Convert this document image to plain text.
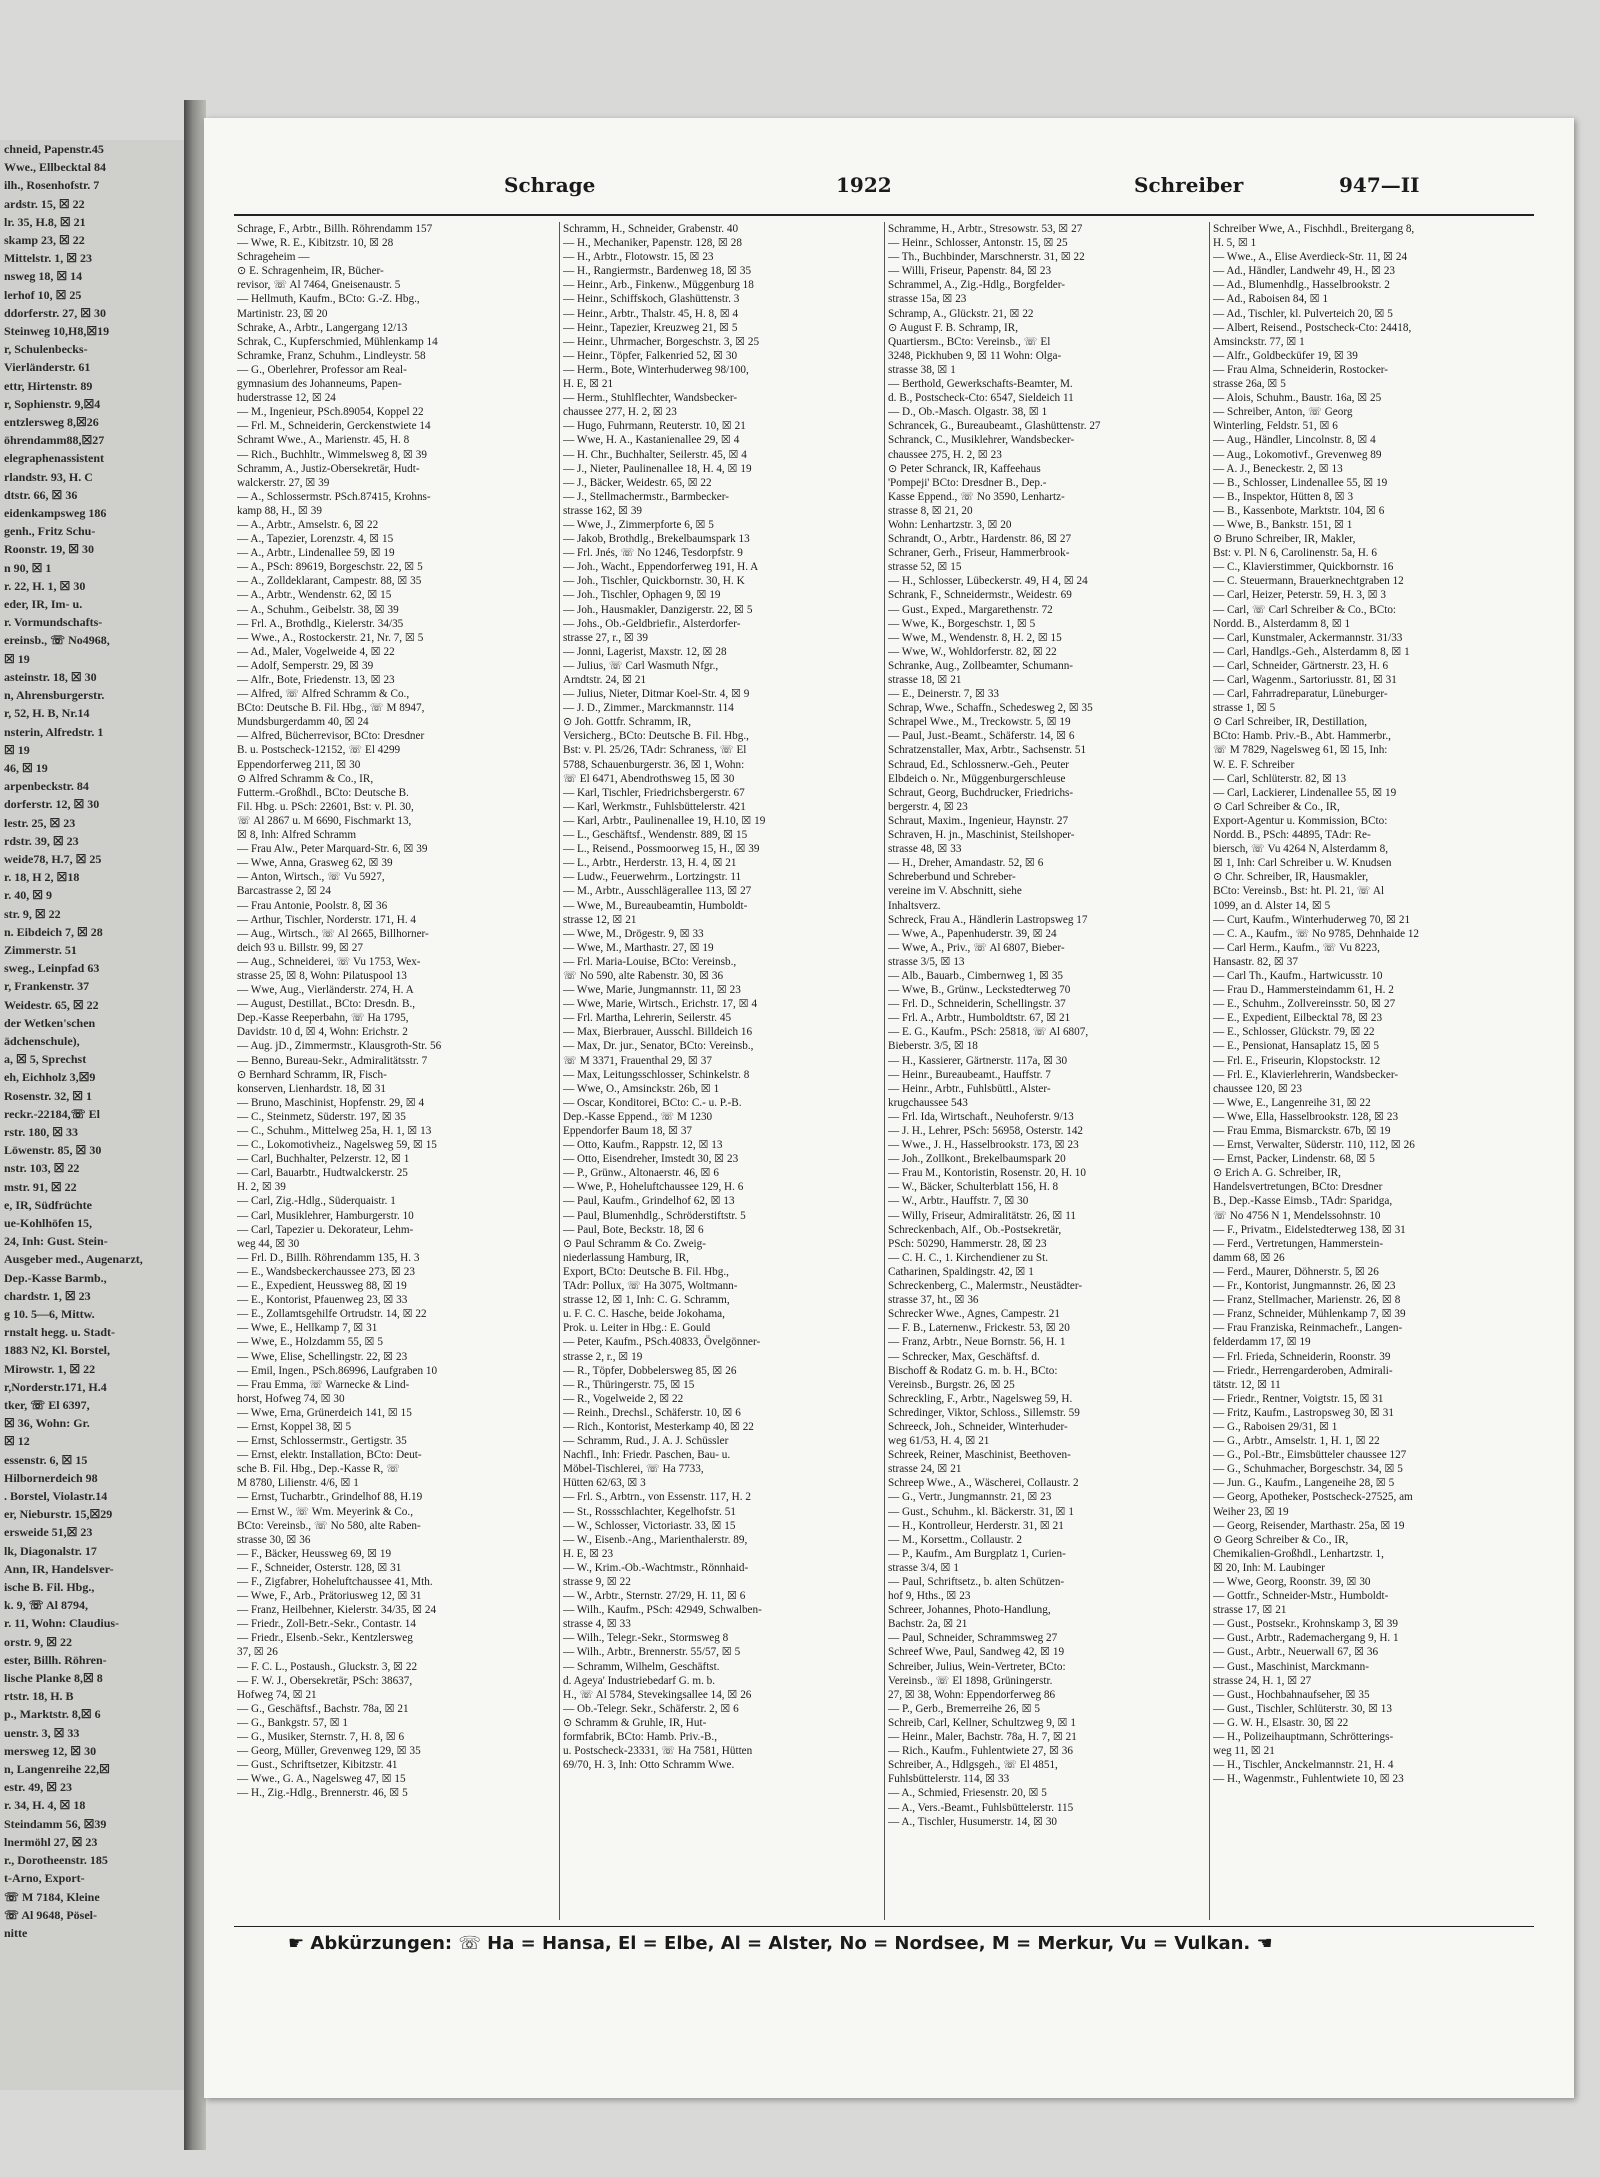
chneid, Papenstr.45
Wwe., Ellbecktal 84
ilh., Rosenhofstr. 7
ardstr. 15, ☒ 22
lr. 35, H.8, ☒ 21
skamp 23, ☒ 22
Mittelstr. 1, ☒ 23
nsweg 18, ☒ 14
lerhof 10, ☒ 25
ddorferstr. 27, ☒ 30
Steinweg 10,H8,☒19
r, Schulenbecks-
Vierländerstr. 61
ettr, Hirtenstr. 89
r, Sophienstr. 9,☒4
entzlersweg 8,☒26
öhrendamm88,☒27
elegraphenassistent
rlandstr. 93, H. C
dtstr. 66, ☒ 36
eidenkampsweg 186
genh., Fritz Schu-
Roonstr. 19, ☒ 30
n 90, ☒ 1
r. 22, H. 1, ☒ 30
eder, IR, Im- u.
r. Vormundschafts-
ereinsb., ☏ No4968,
☒ 19
asteinstr. 18, ☒ 30
n, Ahrensburgerstr.
r, 52, H. B, Nr.14
nsterin, Alfredstr. 1
☒ 19
46, ☒ 19
arpenbeckstr. 84
dorferstr. 12, ☒ 30
lestr. 25, ☒ 23
rdstr. 39, ☒ 23
weide78, H.7, ☒ 25
r. 18, H 2, ☒18
r. 40, ☒ 9
str. 9, ☒ 22
n. Eibdeich 7, ☒ 28
Zimmerstr. 51
sweg., Leinpfad 63
r, Frankenstr. 37
Weidestr. 65, ☒ 22
der Wetken'schen
ädchenschule),
a, ☒ 5, Sprechst
eh, Eichholz 3,☒9
Rosenstr. 32, ☒ 1
reckr.-22184,☏ El
rstr. 180, ☒ 33
Löwenstr. 85, ☒ 30
nstr. 103, ☒ 22
mstr. 91, ☒ 22
e, IR, Südfrüchte
ue-Kohlhöfen 15,
24, Inh: Gust. Stein-
Ausgeber med., Augenarzt,
Dep.-Kasse Barmb.,
chardstr. 1, ☒ 23
g 10. 5—6, Mittw.
rnstalt hegg. u. Stadt-
1883 N2, Kl. Borstel,
Mirowstr. 1, ☒ 22
r,Norderstr.171, H.4
tker, ☏ El 6397,
☒ 36, Wohn: Gr.
☒ 12
essenstr. 6, ☒ 15
Hilbornerdeich 98
. Borstel, Violastr.14
er, Nieburstr. 15,☒29
ersweide 51,☒ 23
lk, Diagonalstr. 17
Ann, IR, Handelsver-
ische B. Fil. Hbg.,
k. 9, ☏ Al 8794,
r. 11, Wohn: Claudius-
orstr. 9, ☒ 22
ester, Billh. Röhren-
lische Planke 8,☒ 8
rtstr. 18, H. B
p., Marktstr. 8,☒ 6
uenstr. 3, ☒ 33
mersweg 12, ☒ 30
n, Langenreihe 22,☒
estr. 49, ☒ 23
r. 34, H. 4, ☒ 18
Steindamm 56, ☒39
lnermöhl 27, ☒ 23
r., Dorotheenstr. 185
t-Arno, Export-
☏ M 7184, Kleine
☏ Al 9648, Pösel-
nitte
Schrage	1922	Schreiber	947—II
Schrage, F., Arbtr., Billh. Röhrendamm 157
— Wwe, R. E., Kibitzstr. 10, ☒ 28
Schrageheim —
⊙ E. Schragenheim, IR, Bücher-
revisor, ☏ Al 7464, Gneisenaustr. 5
— Hellmuth, Kaufm., BCto: G.-Z. Hbg.,
Martinistr. 23, ☒ 20
Schrake, A., Arbtr., Langergang 12/13
Schrak, C., Kupferschmied, Mühlenkamp 14
Schramke, Franz, Schuhm., Lindleystr. 58
— G., Oberlehrer, Professor am Real-
gymnasium des Johanneums, Papen-
huderstrasse 12, ☒ 24
— M., Ingenieur, PSch.89054, Koppel 22
— Frl. M., Schneiderin, Gerckenstwiete 14
Schramt Wwe., A., Marienstr. 45, H. 8
— Rich., Buchhltr., Wimmelsweg 8, ☒ 39
Schramm, A., Justiz-Obersekretär, Hudt-
walckerstr. 27, ☒ 39
— A., Schlossermstr. PSch.87415, Krohns-
kamp 88, H., ☒ 39
— A., Arbtr., Amselstr. 6, ☒ 22
— A., Tapezier, Lorenzstr. 4, ☒ 15
— A., Arbtr., Lindenallee 59, ☒ 19
— A., PSch: 89619, Borgeschstr. 22, ☒ 5
— A., Zolldeklarant, Campestr. 88, ☒ 35
— A., Arbtr., Wendenstr. 62, ☒ 15
— A., Schuhm., Geibelstr. 38, ☒ 39
— Frl. A., Brothdlg., Kielerstr. 34/35
— Wwe., A., Rostockerstr. 21, Nr. 7, ☒ 5
— Ad., Maler, Vogelweide 4, ☒ 22
— Adolf, Semperstr. 29, ☒ 39
— Alfr., Bote, Friedenstr. 13, ☒ 23
— Alfred, ☏ Alfred Schramm & Co.,
BCto: Deutsche B. Fil. Hbg., ☏ M 8947,
Mundsburgerdamm 40, ☒ 24
— Alfred, Bücherrevisor, BCto: Dresdner
B. u. Postscheck-12152, ☏ El 4299
Eppendorferweg 211, ☒ 30
⊙ Alfred Schramm & Co., IR,
Futterm.-Großhdl., BCto: Deutsche B.
Fil. Hbg. u. PSch: 22601, Bst: v. Pl. 30,
☏ Al 2867 u. M 6690, Fischmarkt 13,
☒ 8, Inh: Alfred Schramm
— Frau Alw., Peter Marquard-Str. 6, ☒ 39
— Wwe, Anna, Grasweg 62, ☒ 39
— Anton, Wirtsch., ☏ Vu 5927,
Barcastrasse 2, ☒ 24
— Frau Antonie, Poolstr. 8, ☒ 36
— Arthur, Tischler, Norderstr. 171, H. 4
— Aug., Wirtsch., ☏ Al 2665, Billhorner-
deich 93 u. Billstr. 99, ☒ 27
— Aug., Schneiderei, ☏ Vu 1753, Wex-
strasse 25, ☒ 8, Wohn: Pilatuspool 13
— Wwe, Aug., Vierländerstr. 274, H. A
— August, Destillat., BCto: Dresdn. B.,
Dep.-Kasse Reeperbahn, ☏ Ha 1795,
Davidstr. 10 d, ☒ 4, Wohn: Erichstr. 2
— Aug. jD., Zimmermstr., Klausgroth-Str. 56
— Benno, Bureau-Sekr., Admiralitätsstr. 7
⊙ Bernhard Schramm, IR, Fisch-
konserven, Lienhardstr. 18, ☒ 31
— Bruno, Maschinist, Hopfenstr. 29, ☒ 4
— C., Steinmetz, Süderstr. 197, ☒ 35
— C., Schuhm., Mittelweg 25a, H. 1, ☒ 13
— C., Lokomotivheiz., Nagelsweg 59, ☒ 15
— Carl, Buchhalter, Pelzerstr. 12, ☒ 1
— Carl, Bauarbtr., Hudtwalckerstr. 25
H. 2, ☒ 39
— Carl, Zig.-Hdlg., Süderquaistr. 1
— Carl, Musiklehrer, Hamburgerstr. 10
— Carl, Tapezier u. Dekorateur, Lehm-
weg 44, ☒ 30
— Frl. D., Billh. Röhrendamm 135, H. 3
— E., Wandsbeckerchaussee 273, ☒ 23
— E., Expedient, Heussweg 88, ☒ 19
— E., Kontorist, Pfauenweg 23, ☒ 33
— E., Zollamtsgehilfe Ortrudstr. 14, ☒ 22
— Wwe, E., Hellkamp 7, ☒ 31
— Wwe, E., Holzdamm 55, ☒ 5
— Wwe, Elise, Schellingstr. 22, ☒ 23
— Emil, Ingen., PSch.86996, Laufgraben 10
— Frau Emma, ☏ Warnecke & Lind-
horst, Hofweg 74, ☒ 30
— Wwe, Erna, Grünerdeich 141, ☒ 15
— Ernst, Koppel 38, ☒ 5
— Ernst, Schlossermstr., Gertigstr. 35
— Ernst, elektr. Installation, BCto: Deut-
sche B. Fil. Hbg., Dep.-Kasse R, ☏
M 8780, Lilienstr. 4/6, ☒ 1
— Ernst, Tucharbtr., Grindelhof 88, H.19
— Ernst W., ☏ Wm. Meyerink & Co.,
BCto: Vereinsb., ☏ No 580, alte Raben-
strasse 30, ☒ 36
— F., Bäcker, Heussweg 69, ☒ 19
— F., Schneider, Osterstr. 128, ☒ 31
— F., Zigfabrer, Hoheluftchaussee 41, Mth.
— Wwe, F., Arb., Prätoriusweg 12, ☒ 31
— Franz, Heilbehner, Kielerstr. 34/35, ☒ 24
— Friedr., Zoll-Betr.-Sekr., Contastr. 14
— Friedr., Elsenb.-Sekr., Kentzlersweg
37, ☒ 26
— F. C. L., Postaush., Gluckstr. 3, ☒ 22
— F. W. J., Obersekretär, PSch: 38637,
Hofweg 74, ☒ 21
— G., Geschäftsf., Bachstr. 78a, ☒ 21
— G., Bankgstr. 57, ☒ 1
— G., Musiker, Sternstr. 7, H. 8, ☒ 6
— Georg, Müller, Grevenweg 129, ☒ 35
— Gust., Schriftsetzer, Kibitzstr. 41
— Wwe., G. A., Nagelsweg 47, ☒ 15
— H., Zig.-Hdlg., Brennerstr. 46, ☒ 5
Schramm, H., Schneider, Grabenstr. 40
— H., Mechaniker, Papenstr. 128, ☒ 28
— H., Arbtr., Flotowstr. 15, ☒ 23
— H., Rangiermstr., Bardenweg 18, ☒ 35
— Heinr., Arb., Finkenw., Müggenburg 18
— Heinr., Schiffskoch, Glashüttenstr. 3
— Heinr., Arbtr., Thalstr. 45, H. 8, ☒ 4
— Heinr., Tapezier, Kreuzweg 21, ☒ 5
— Heinr., Uhrmacher, Borgeschstr. 3, ☒ 25
— Heinr., Töpfer, Falkenried 52, ☒ 30
— Herm., Bote, Winterhuderweg 98/100,
H. E, ☒ 21
— Herm., Stuhlflechter, Wandsbecker-
chaussee 277, H. 2, ☒ 23
— Hugo, Fuhrmann, Reuterstr. 10, ☒ 21
— Wwe, H. A., Kastanienallee 29, ☒ 4
— H. Chr., Buchhalter, Seilerstr. 45, ☒ 4
— J., Nieter, Paulinenallee 18, H. 4, ☒ 19
— J., Bäcker, Weidestr. 65, ☒ 22
— J., Stellmachermstr., Barmbecker-
strasse 162, ☒ 39
— Wwe, J., Zimmerpforte 6, ☒ 5
— Jakob, Brothdlg., Brekelbaumspark 13
— Frl. Jnés, ☏ No 1246, Tesdorpfstr. 9
— Joh., Wacht., Eppendorferweg 191, H. A
— Joh., Tischler, Quickbornstr. 30, H. K
— Joh., Tischler, Ophagen 9, ☒ 19
— Joh., Hausmakler, Danzigerstr. 22, ☒ 5
— Johs., Ob.-Geldbriefir., Alsterdorfer-
strasse 27, r., ☒ 39
— Jonni, Lagerist, Maxstr. 12, ☒ 28
— Julius, ☏ Carl Wasmuth Nfgr.,
Arndtstr. 24, ☒ 21
— Julius, Nieter, Ditmar Koel-Str. 4, ☒ 9
— J. D., Zimmer., Marckmannstr. 114
⊙ Joh. Gottfr. Schramm, IR,
Versicherg., BCto: Deutsche B. Fil. Hbg.,
Bst: v. Pl. 25/26, TAdr: Schraness, ☏ El
5788, Schauenburgerstr. 36, ☒ 1, Wohn:
☏ El 6471, Abendrothsweg 15, ☒ 30
— Karl, Tischler, Friedrichsbergerstr. 67
— Karl, Werkmstr., Fuhlsbüttelerstr. 421
— Karl, Arbtr., Paulinenallee 19, H.10, ☒ 19
— L., Geschäftsf., Wendenstr. 889, ☒ 15
— L., Reisend., Possmoorweg 15, H., ☒ 39
— L., Arbtr., Herderstr. 13, H. 4, ☒ 21
— Ludw., Feuerwehrm., Lortzingstr. 11
— M., Arbtr., Ausschlägerallee 113, ☒ 27
— Wwe, M., Bureaubeamtin, Humboldt-
strasse 12, ☒ 21
— Wwe, M., Drögestr. 9, ☒ 33
— Wwe, M., Marthastr. 27, ☒ 19
— Frl. Maria-Louise, BCto: Vereinsb.,
☏ No 590, alte Rabenstr. 30, ☒ 36
— Wwe, Marie, Jungmannstr. 11, ☒ 23
— Wwe, Marie, Wirtsch., Erichstr. 17, ☒ 4
— Frl. Martha, Lehrerin, Seilerstr. 45
— Max, Bierbrauer, Ausschl. Billdeich 16
— Max, Dr. jur., Senator, BCto: Vereinsb.,
☏ M 3371, Frauenthal 29, ☒ 37
— Max, Leitungsschlosser, Schinkelstr. 8
— Wwe, O., Amsinckstr. 26b, ☒ 1
— Oscar, Konditorei, BCto: C.- u. P.-B.
Dep.-Kasse Eppend., ☏ M 1230
Eppendorfer Baum 18, ☒ 37
— Otto, Kaufm., Rappstr. 12, ☒ 13
— Otto, Eisendreher, Imstedt 30, ☒ 23
— P., Grünw., Altonaerstr. 46, ☒ 6
— Wwe, P., Hoheluftchaussee 129, H. 6
— Paul, Kaufm., Grindelhof 62, ☒ 13
— Paul, Blumenhdlg., Schröderstiftstr. 5
— Paul, Bote, Beckstr. 18, ☒ 6
⊙ Paul Schramm & Co. Zweig-
niederlassung Hamburg, IR,
Export, BCto: Deutsche B. Fil. Hbg.,
TAdr: Pollux, ☏ Ha 3075, Woltmann-
strasse 12, ☒ 1, Inh: C. G. Schramm,
u. F. C. C. Hasche, beide Jokohama,
Prok. u. Leiter in Hbg.: E. Gould
— Peter, Kaufm., PSch.40833, Övelgönner-
strasse 2, r., ☒ 19
— R., Töpfer, Dobbelersweg 85, ☒ 26
— R., Thüringerstr. 75, ☒ 15
— R., Vogelweide 2, ☒ 22
— Reinh., Drechsl., Schäferstr. 10, ☒ 6
— Rich., Kontorist, Mesterkamp 40, ☒ 22
— Schramm, Rud., J. A. J. Schüssler
Nachfl., Inh: Friedr. Paschen, Bau- u.
Möbel-Tischlerei, ☏ Ha 7733,
Hütten 62/63, ☒ 3
— Frl. S., Arbtrn., von Essenstr. 117, H. 2
— St., Rossschlachter, Kegelhofstr. 51
— W., Schlosser, Victoriastr. 33, ☒ 15
— W., Eisenb.-Ang., Marienthalerstr. 89,
H. E, ☒ 23
— W., Krim.-Ob.-Wachtmstr., Rönnhaid-
strasse 9, ☒ 22
— W., Arbtr., Sternstr. 27/29, H. 11, ☒ 6
— Wilh., Kaufm., PSch: 42949, Schwalben-
strasse 4, ☒ 33
— Wilh., Telegr.-Sekr., Stormsweg 8
— Wilh., Arbtr., Brennerstr. 55/57, ☒ 5
— Schramm, Wilhelm, Geschäftst.
d. Ageya' Industriebedarf G. m. b.
H., ☏ Al 5784, Stevekingsallee 14, ☒ 26
— Ob.-Telegr. Sekr., Schäferstr. 2, ☒ 6
⊙ Schramm & Gruhle, IR, Hut-
formfabrik, BCto: Hamb. Priv.-B.,
u. Postscheck-23331, ☏ Ha 7581, Hütten
69/70, H. 3, Inh: Otto Schramm Wwe.
Schramme, H., Arbtr., Stresowstr. 53, ☒ 27
— Heinr., Schlosser, Antonstr. 15, ☒ 25
— Th., Buchbinder, Marschnerstr. 31, ☒ 22
— Willi, Friseur, Papenstr. 84, ☒ 23
Schrammel, A., Zig.-Hdlg., Borgfelder-
strasse 15a, ☒ 23
Schramp, A., Glückstr. 21, ☒ 22
⊙ August F. B. Schramp, IR,
Quartiersm., BCto: Vereinsb., ☏ El
3248, Pickhuben 9, ☒ 11 Wohn: Olga-
strasse 38, ☒ 1
— Berthold, Gewerkschafts-Beamter, M.
d. B., Postscheck-Cto: 6547, Sieldeich 11
— D., Ob.-Masch. Olgastr. 38, ☒ 1
Schrancek, G., Bureaubeamt., Glashüttenstr. 27
Schranck, C., Musiklehrer, Wandsbecker-
chaussee 275, H. 2, ☒ 23
⊙ Peter Schranck, IR, Kaffeehaus
'Pompeji' BCto: Dresdner B., Dep.-
Kasse Eppend., ☏ No 3590, Lenhartz-
strasse 8, ☒ 21, 20
Wohn: Lenhartzstr. 3, ☒ 20
Schrandt, O., Arbtr., Hardenstr. 86, ☒ 27
Schraner, Gerh., Friseur, Hammerbrook-
strasse 52, ☒ 15
— H., Schlosser, Lübeckerstr. 49, H 4, ☒ 24
Schrank, F., Schneidermstr., Weidestr. 69
— Gust., Exped., Margarethenstr. 72
— Wwe, K., Borgeschstr. 1, ☒ 5
— Wwe, M., Wendenstr. 8, H. 2, ☒ 15
— Wwe, W., Wohldorferstr. 82, ☒ 22
Schranke, Aug., Zollbeamter, Schumann-
strasse 18, ☒ 21
— E., Deinerstr. 7, ☒ 33
Schrap, Wwe., Schaffn., Schedesweg 2, ☒ 35
Schrapel Wwe., M., Treckowstr. 5, ☒ 19
— Paul, Just.-Beamt., Schäferstr. 14, ☒ 6
Schratzenstaller, Max, Arbtr., Sachsenstr. 51
Schraud, Ed., Schlossnerw.-Geh., Peuter
Elbdeich o. Nr., Müggenburgerschleuse
Schraut, Georg, Buchdrucker, Friedrichs-
bergerstr. 4, ☒ 23
Schraut, Maxim., Ingenieur, Haynstr. 27
Schraven, H. jn., Maschinist, Steilshoper-
strasse 48, ☒ 33
— H., Dreher, Amandastr. 52, ☒ 6
Schreberbund und Schreber-
vereine im V. Abschnitt, siehe
Inhaltsverz.
Schreck, Frau A., Händlerin Lastropsweg 17
— Wwe, A., Papenhuderstr. 39, ☒ 24
— Wwe, A., Priv., ☏ Al 6807, Bieber-
strasse 3/5, ☒ 13
— Alb., Bauarb., Cimbernweg 1, ☒ 35
— Wwe, B., Grünw., Leckstedterweg 70
— Frl. D., Schneiderin, Schellingstr. 37
— Frl. A., Arbtr., Humboldtstr. 67, ☒ 21
— E. G., Kaufm., PSch: 25818, ☏ Al 6807,
Bieberstr. 3/5, ☒ 18
— H., Kassierer, Gärtnerstr. 117a, ☒ 30
— Heinr., Bureaubeamt., Hauffstr. 7
— Heinr., Arbtr., Fuhlsbüttl., Alster-
krugchaussee 543
— Frl. Ida, Wirtschaft., Neuhoferstr. 9/13
— J. H., Lehrer, PSch: 56958, Osterstr. 142
— Wwe., J. H., Hasselbrookstr. 173, ☒ 23
— Joh., Zollkont., Brekelbaumspark 20
— Frau M., Kontoristin, Rosenstr. 20, H. 10
— W., Bäcker, Schulterblatt 156, H. 8
— W., Arbtr., Hauffstr. 7, ☒ 30
— Willy, Friseur, Admiralitätstr. 26, ☒ 11
Schreckenbach, Alf., Ob.-Postsekretär,
PSch: 50290, Hammerstr. 28, ☒ 23
— C. H. C., 1. Kirchendiener zu St.
Catharinen, Spaldingstr. 42, ☒ 1
Schreckenberg, C., Malermstr., Neustädter-
strasse 37, ht., ☒ 36
Schrecker Wwe., Agnes, Campestr. 21
— F. B., Laternenw., Frickestr. 53, ☒ 20
— Franz, Arbtr., Neue Bornstr. 56, H. 1
— Schrecker, Max, Geschäftsf. d.
Bischoff & Rodatz G. m. b. H., BCto:
Vereinsb., Burgstr. 26, ☒ 25
Schreckling, F., Arbtr., Nagelsweg 59, H.
Schredinger, Viktor, Schloss., Sillemstr. 59
Schreeck, Joh., Schneider, Winterhuder-
weg 61/53, H. 4, ☒ 21
Schreek, Reiner, Maschinist, Beethoven-
strasse 24, ☒ 21
Schreep Wwe., A., Wäscherei, Collaustr. 2
— G., Vertr., Jungmannstr. 21, ☒ 23
— Gust., Schuhm., kl. Bäckerstr. 31, ☒ 1
— H., Kontrolleur, Herderstr. 31, ☒ 21
— M., Korsettm., Collaustr. 2
— P., Kaufm., Am Burgplatz 1, Curien-
strasse 3/4, ☒ 1
— Paul, Schriftsetz., b. alten Schützen-
hof 9, Hths., ☒ 23
Schreer, Johannes, Photo-Handlung,
Bachstr. 2a, ☒ 21
— Paul, Schneider, Schrammsweg 27
Schreef Wwe, Paul, Sandweg 42, ☒ 19
Schreiber, Julius, Wein-Vertreter, BCto:
Vereinsb., ☏ El 1898, Grüningerstr.
27, ☒ 38, Wohn: Eppendorferweg 86
— P., Gerb., Bremerreihe 26, ☒ 5
Schreib, Carl, Kellner, Schultzweg 9, ☒ 1
— Heinr., Maler, Bachstr. 78a, H. 7, ☒ 21
— Rich., Kaufm., Fuhlentwiete 27, ☒ 36
Schreiber, A., Hdlgsgeh., ☏ El 4851,
Fuhlsbüttelerstr. 114, ☒ 33
— A., Schmied, Friesenstr. 20, ☒ 5
— A., Vers.-Beamt., Fuhlsbüttelerstr. 115
— A., Tischler, Husumerstr. 14, ☒ 30
Schreiber Wwe, A., Fischhdl., Breitergang 8,
H. 5, ☒ 1
— Wwe., A., Elise Averdieck-Str. 11, ☒ 24
— Ad., Händler, Landwehr 49, H., ☒ 23
— Ad., Blumenhdlg., Hasselbrookstr. 2
— Ad., Raboisen 84, ☒ 1
— Ad., Tischler, kl. Pulverteich 20, ☒ 5
— Albert, Reisend., Postscheck-Cto: 24418,
Amsinckstr. 77, ☒ 1
— Alfr., Goldbecküfer 19, ☒ 39
— Frau Alma, Schneiderin, Rostocker-
strasse 26a, ☒ 5
— Alois, Schuhm., Baustr. 16a, ☒ 25
— Schreiber, Anton, ☏ Georg
Winterling, Feldstr. 51, ☒ 6
— Aug., Händler, Lincolnstr. 8, ☒ 4
— Aug., Lokomotivf., Grevenweg 89
— A. J., Beneckestr. 2, ☒ 13
— B., Schlosser, Lindenallee 55, ☒ 19
— B., Inspektor, Hütten 8, ☒ 3
— B., Kassenbote, Marktstr. 104, ☒ 6
— Wwe, B., Bankstr. 151, ☒ 1
⊙ Bruno Schreiber, IR, Makler,
Bst: v. Pl. N 6, Carolinenstr. 5a, H. 6
— C., Klavierstimmer, Quickbornstr. 16
— C. Steuermann, Brauerknechtgraben 12
— Carl, Heizer, Peterstr. 59, H. 3, ☒ 3
— Carl, ☏ Carl Schreiber & Co., BCto:
Nordd. B., Alsterdamm 8, ☒ 1
— Carl, Kunstmaler, Ackermannstr. 31/33
— Carl, Handlgs.-Geh., Alsterdamm 8, ☒ 1
— Carl, Schneider, Gärtnerstr. 23, H. 6
— Carl, Wagenm., Sartoriusstr. 81, ☒ 31
— Carl, Fahrradreparatur, Lüneburger-
strasse 1, ☒ 5
⊙ Carl Schreiber, IR, Destillation,
BCto: Hamb. Priv.-B., Abt. Hammerbr.,
☏ M 7829, Nagelsweg 61, ☒ 15, Inh:
W. E. F. Schreiber
— Carl, Schlüterstr. 82, ☒ 13
— Carl, Lackierer, Lindenallee 55, ☒ 19
⊙ Carl Schreiber & Co., IR,
Export-Agentur u. Kommission, BCto:
Nordd. B., PSch: 44895, TAdr: Re-
biersch, ☏ Vu 4264 N, Alsterdamm 8,
☒ 1, Inh: Carl Schreiber u. W. Knudsen
⊙ Chr. Schreiber, IR, Hausmakler,
BCto: Vereinsb., Bst: ht. Pl. 21, ☏ Al
1099, an d. Alster 14, ☒ 5
— Curt, Kaufm., Winterhuderweg 70, ☒ 21
— C. A., Kaufm., ☏ No 9785, Dehnhaide 12
— Carl Herm., Kaufm., ☏ Vu 8223,
Hansastr. 82, ☒ 37
— Carl Th., Kaufm., Hartwicusstr. 10
— Frau D., Hammersteindamm 61, H. 2
— E., Schuhm., Zollvereinsstr. 50, ☒ 27
— E., Expedient, Eilbecktal 78, ☒ 23
— E., Schlosser, Glückstr. 79, ☒ 22
— E., Pensionat, Hansaplatz 15, ☒ 5
— Frl. E., Friseurin, Klopstockstr. 12
— Frl. E., Klavierlehrerin, Wandsbecker-
chaussee 120, ☒ 23
— Wwe, E., Langenreihe 31, ☒ 22
— Wwe, Ella, Hasselbrookstr. 128, ☒ 23
— Frau Emma, Bismarckstr. 67b, ☒ 19
— Ernst, Verwalter, Süderstr. 110, 112, ☒ 26
— Ernst, Packer, Lindenstr. 68, ☒ 5
⊙ Erich A. G. Schreiber, IR,
Handelsvertretungen, BCto: Dresdner
B., Dep.-Kasse Eimsb., TAdr: Sparidga,
☏ No 4756 N 1, Mendelssohnstr. 10
— F., Privatm., Eidelstedterweg 138, ☒ 31
— Ferd., Vertretungen, Hammerstein-
damm 68, ☒ 26
— Ferd., Maurer, Döhnerstr. 5, ☒ 26
— Fr., Kontorist, Jungmannstr. 26, ☒ 23
— Franz, Stellmacher, Marienstr. 26, ☒ 8
— Franz, Schneider, Mühlenkamp 7, ☒ 39
— Frau Franziska, Reinmachefr., Langen-
felderdamm 17, ☒ 19
— Frl. Frieda, Schneiderin, Roonstr. 39
— Friedr., Herrengarderoben, Admirali-
tätstr. 12, ☒ 11
— Friedr., Rentner, Voigtstr. 15, ☒ 31
— Fritz, Kaufm., Lastropsweg 30, ☒ 31
— G., Raboisen 29/31, ☒ 1
— G., Arbtr., Amselstr. 1, H. 1, ☒ 22
— G., Pol.-Btr., Eimsbütteler chaussee 127
— G., Schuhmacher, Borgeschstr. 34, ☒ 5
— Jun. G., Kaufm., Langeneihe 28, ☒ 5
— Georg, Apotheker, Postscheck-27525, am
Weiher 23, ☒ 19
— Georg, Reisender, Marthastr. 25a, ☒ 19
⊙ Georg Schreiber & Co., IR,
Chemikalien-Großhdl., Lenhartzstr. 1,
☒ 20, Inh: M. Laubinger
— Wwe, Georg, Roonstr. 39, ☒ 30
— Gottfr., Schneider-Mstr., Humboldt-
strasse 17, ☒ 21
— Gust., Postsekr., Krohnskamp 3, ☒ 39
— Gust., Arbtr., Rademachergang 9, H. 1
— Gust., Arbtr., Neuerwall 67, ☒ 36
— Gust., Maschinist, Marckmann-
strasse 24, H. 1, ☒ 27
— Gust., Hochbahnaufseher, ☒ 35
— Gust., Tischler, Schlüterstr. 30, ☒ 13
— G. W. H., Elsastr. 30, ☒ 22
— H., Polizeihauptmann, Schrötterings-
weg 11, ☒ 21
— H., Tischler, Anckelmannstr. 21, H. 4
— H., Wagenmstr., Fuhlentwiete 10, ☒ 23
☛ Abkürzungen: ☏ Ha = Hansa, El = Elbe, Al = Alster, No = Nordsee, M = Merkur, Vu = Vulkan. ☚
